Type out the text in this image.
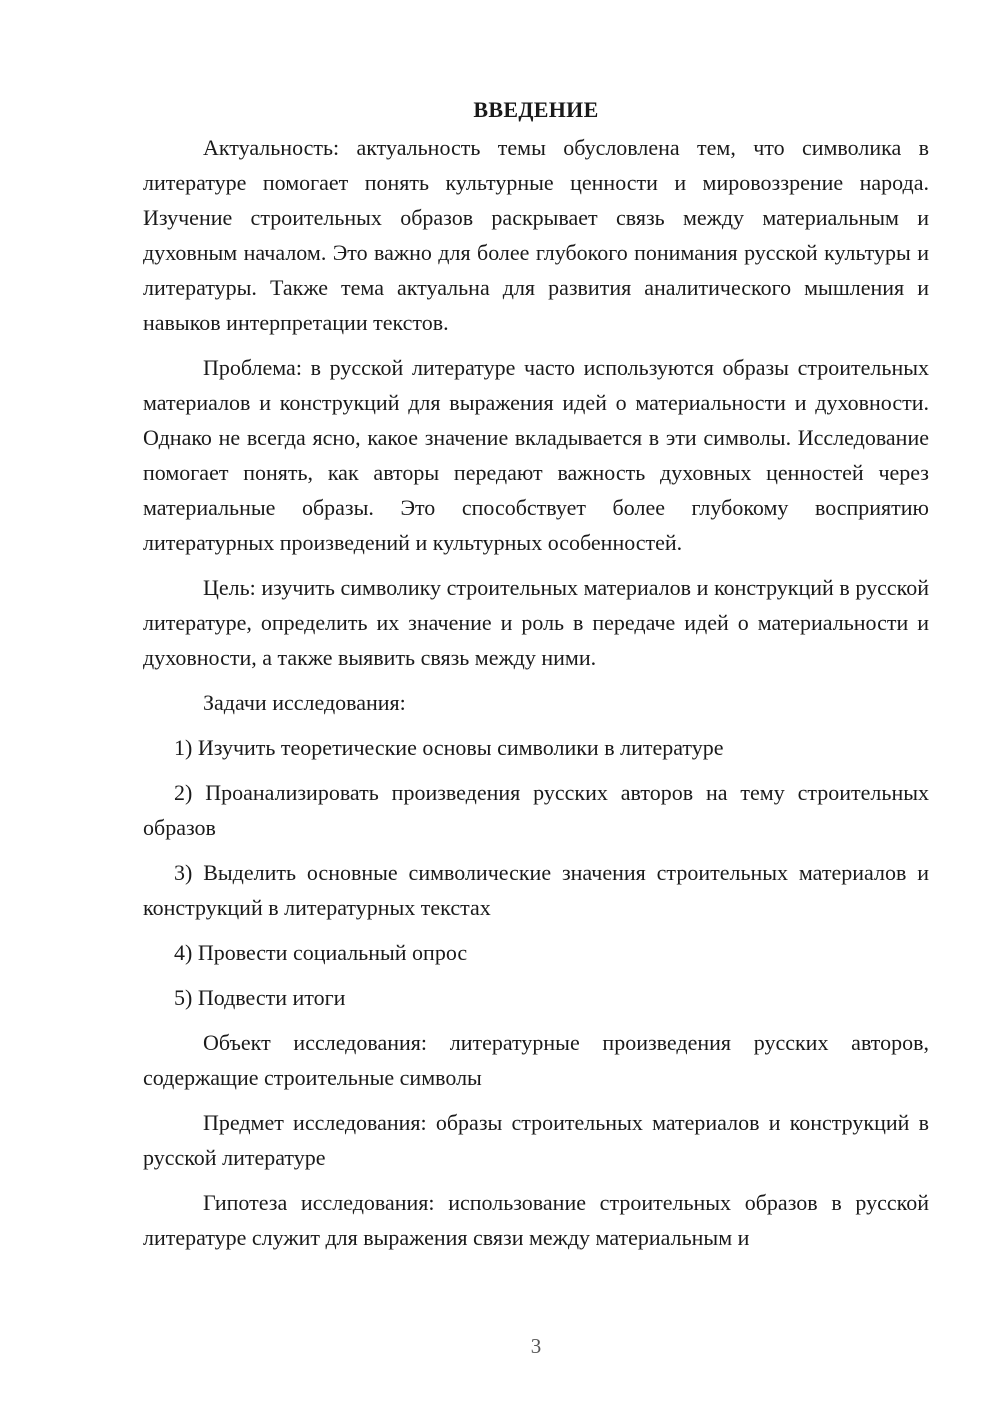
ВВЕДЕНИЕ

Актуальность: актуальность темы обусловлена тем, что символика в литературе помогает понять культурные ценности и мировоззрение народа. Изучение строительных образов раскрывает связь между материальным и духовным началом. Это важно для более глубокого понимания русской культуры и литературы. Также тема актуальна для развития аналитического мышления и навыков интерпретации текстов.

Проблема: в русской литературе часто используются образы строительных материалов и конструкций для выражения идей о материальности и духовности. Однако не всегда ясно, какое значение вкладывается в эти символы. Исследование помогает понять, как авторы передают важность духовных ценностей через материальные образы. Это способствует более глубокому восприятию литературных произведений и культурных особенностей.

Цель: изучить символику строительных материалов и конструкций в русской литературе, определить их значение и роль в передаче идей о материальности и духовности, а также выявить связь между ними.

Задачи исследования:

1) Изучить теоретические основы символики в литературе

2) Проанализировать произведения русских авторов на тему строительных образов

3) Выделить основные символические значения строительных материалов и конструкций в литературных текстах

4) Провести социальный опрос

5) Подвести итоги

Объект исследования: литературные произведения русских авторов, содержащие строительные символы

Предмет исследования: образы строительных материалов и конструкций в русской литературе

Гипотеза исследования: использование строительных образов в русской литературе служит для выражения связи между материальным и

3
